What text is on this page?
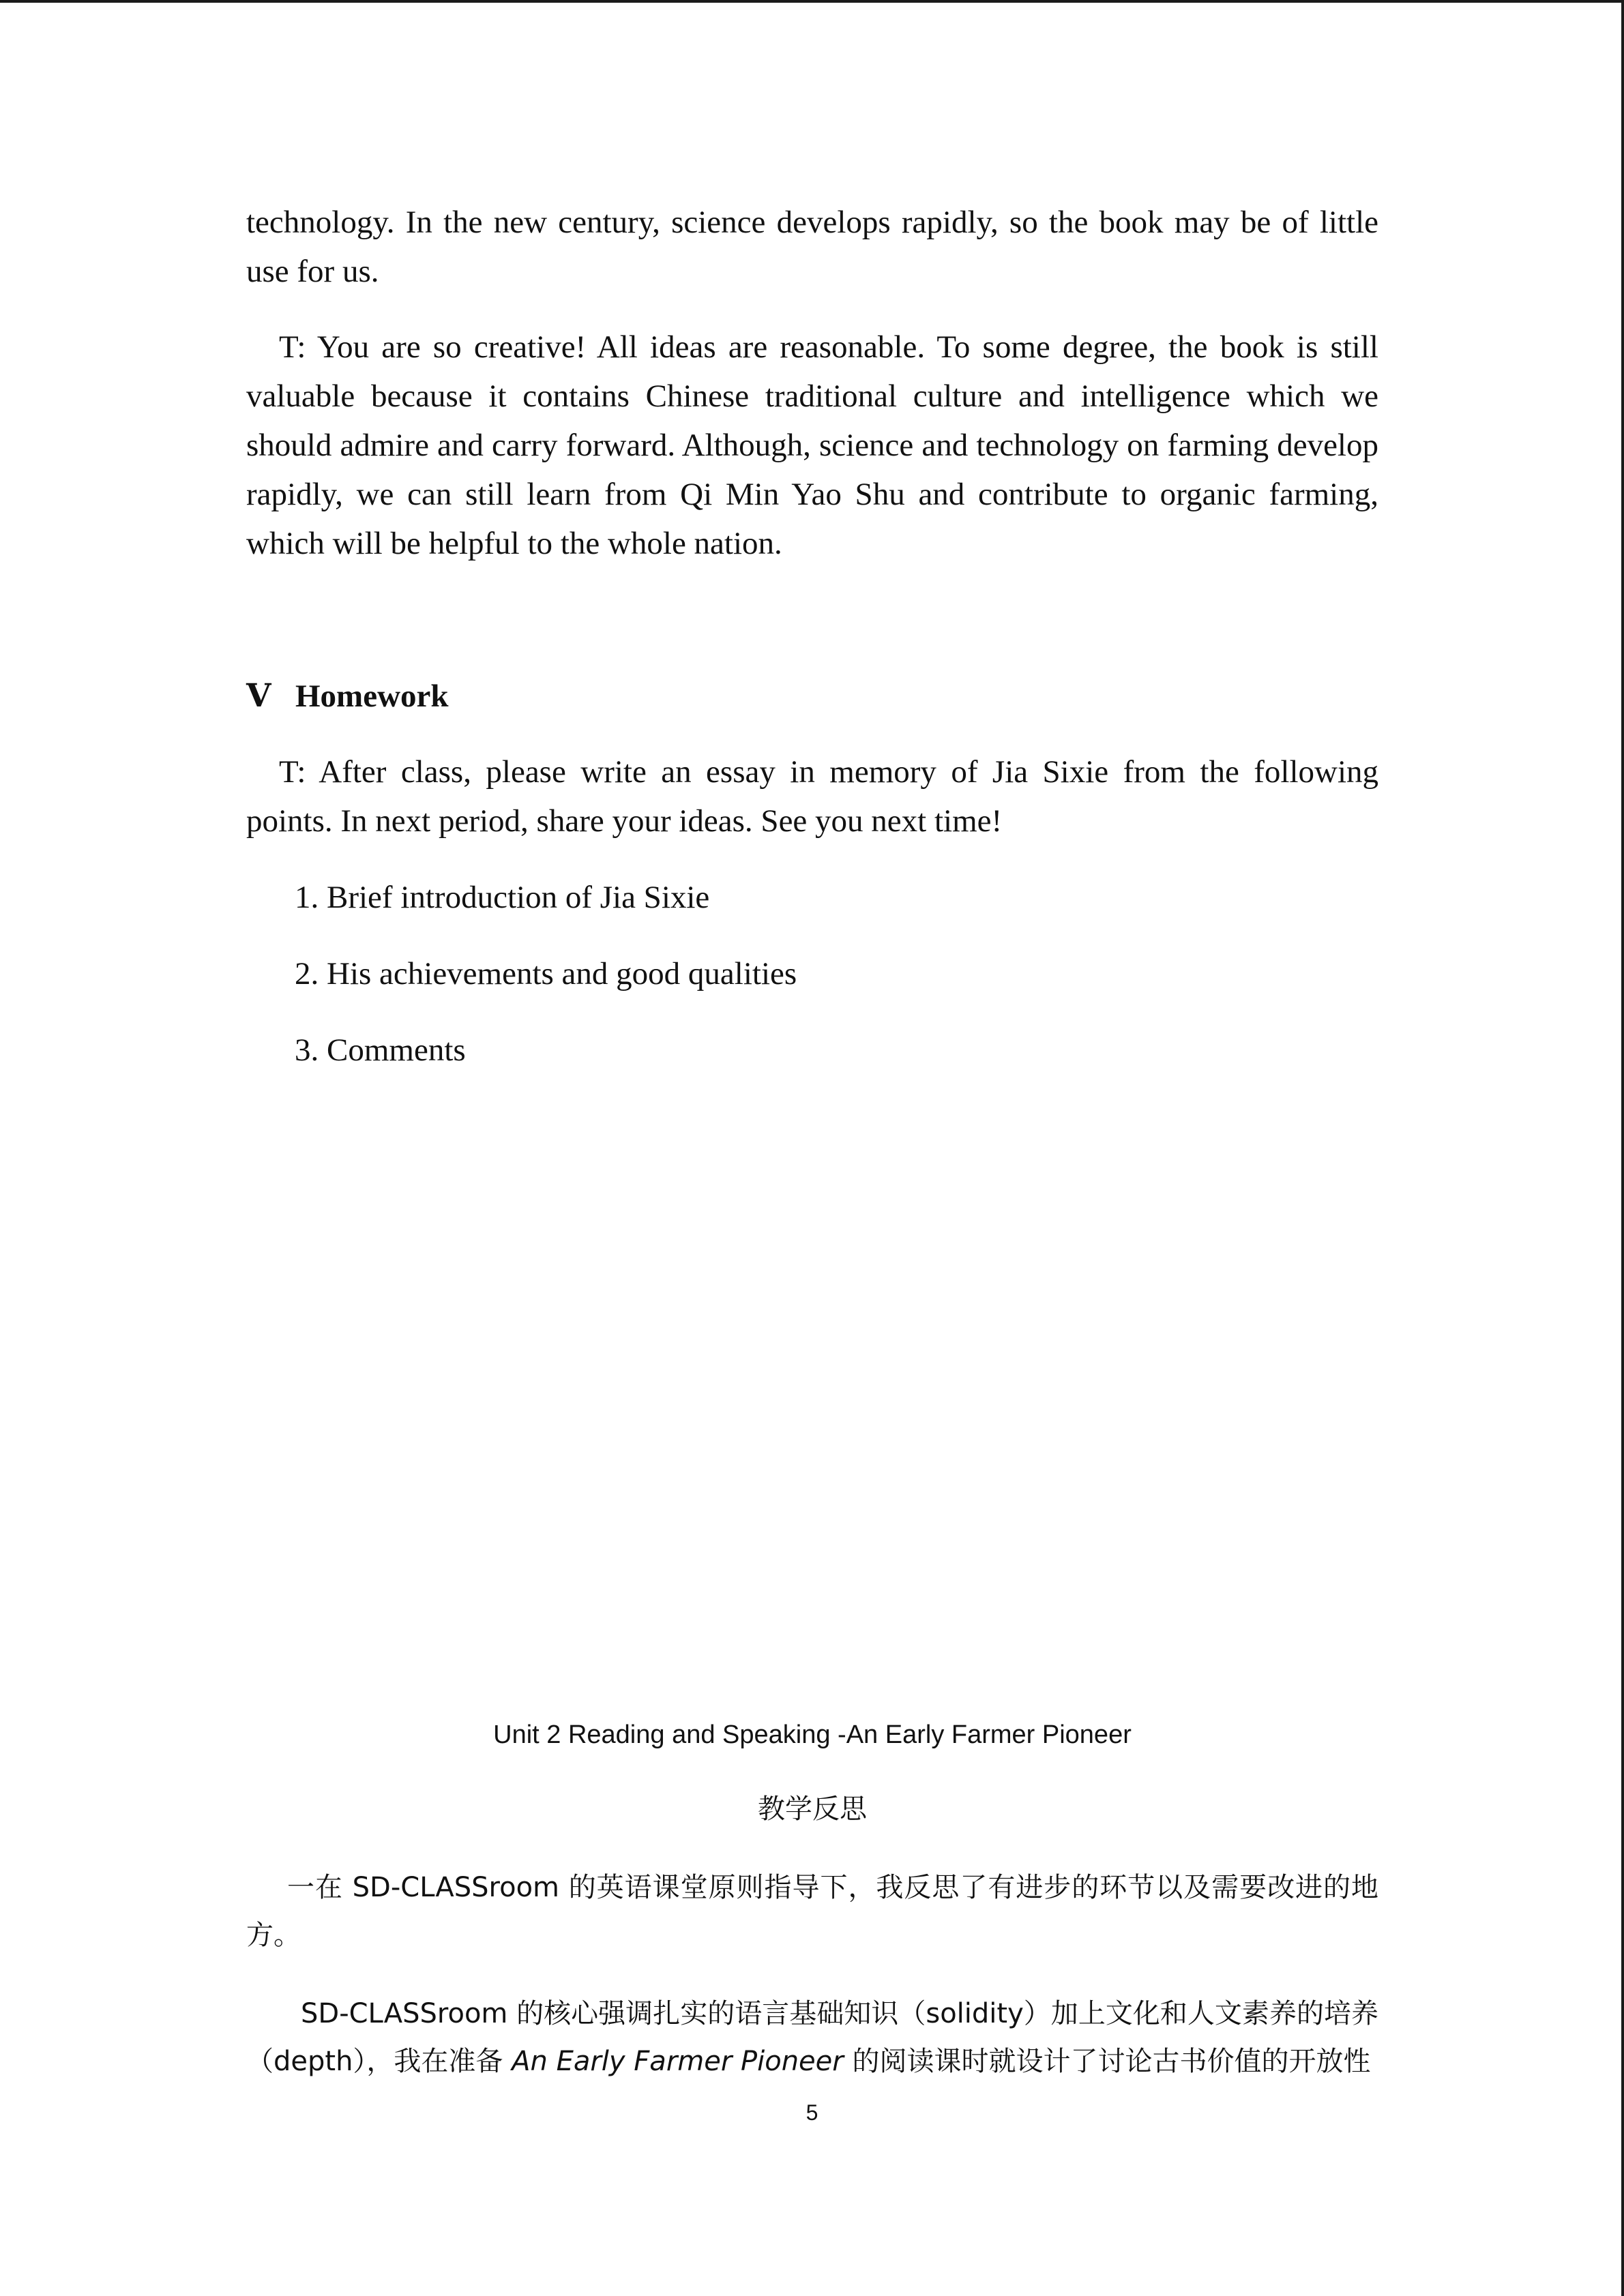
technology. In the new century, science develops rapidly, so the book may be of little use for us.

T: You are so creative! All ideas are reasonable. To some degree, the book is still valuable because it contains Chinese traditional culture and intelligence which we should admire and carry forward. Although, science and technology on farming develop rapidly, we can still learn from Qi Min Yao Shu and contribute to organic farming, which will be helpful to the whole nation.

Ⅴ Homework

T: After class, please write an essay in memory of Jia Sixie from the following points. In next period, share your ideas. See you next time!

1. Brief introduction of Jia Sixie

2. His achievements and good qualities

3. Comments

Unit 2 Reading and Speaking -An Early Farmer Pioneer

教学反思

一在 SD-CLASSroom 的英语课堂原则指导下，我反思了有进步的环节以及需要改进的地方。

SD-CLASSroom 的核心强调扎实的语言基础知识（solidity）加上文化和人文素养的培养（depth），我在准备 An Early Farmer Pioneer 的阅读课时就设计了讨论古书价值的开放性

5
